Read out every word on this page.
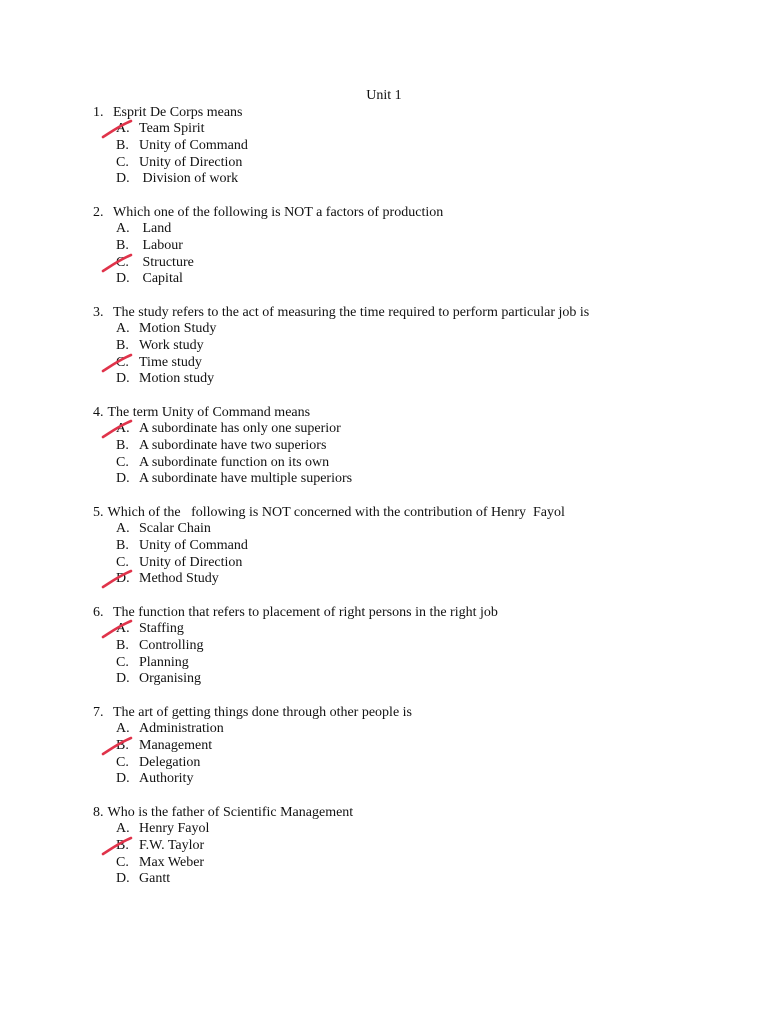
Unit 1
1. Esprit De Corps means
A. Team Spirit
B. Unity of Command
C. Unity of Direction
D. Division of work
2. Which one of the following is NOT a factors of production
A. Land
B. Labour
C. Structure
D. Capital
3. The study refers to the act of measuring the time required to perform particular job is
A. Motion Study
B. Work study
C. Time study
D. Motion study
4. The term Unity of Command means
A. A subordinate has only one superior
B. A subordinate have two superiors
C. A subordinate function on its own
D. A subordinate have multiple superiors
5. Which of the   following is NOT concerned with the contribution of Henry  Fayol
A. Scalar Chain
B. Unity of Command
C. Unity of Direction
D. Method Study
6. The function that refers to placement of right persons in the right job
A. Staffing
B. Controlling
C. Planning
D. Organising
7. The art of getting things done through other people is
A. Administration
B. Management
C. Delegation
D. Authority
8. Who is the father of Scientific Management
A. Henry Fayol
B. F.W. Taylor
C. Max Weber
D. Gantt
